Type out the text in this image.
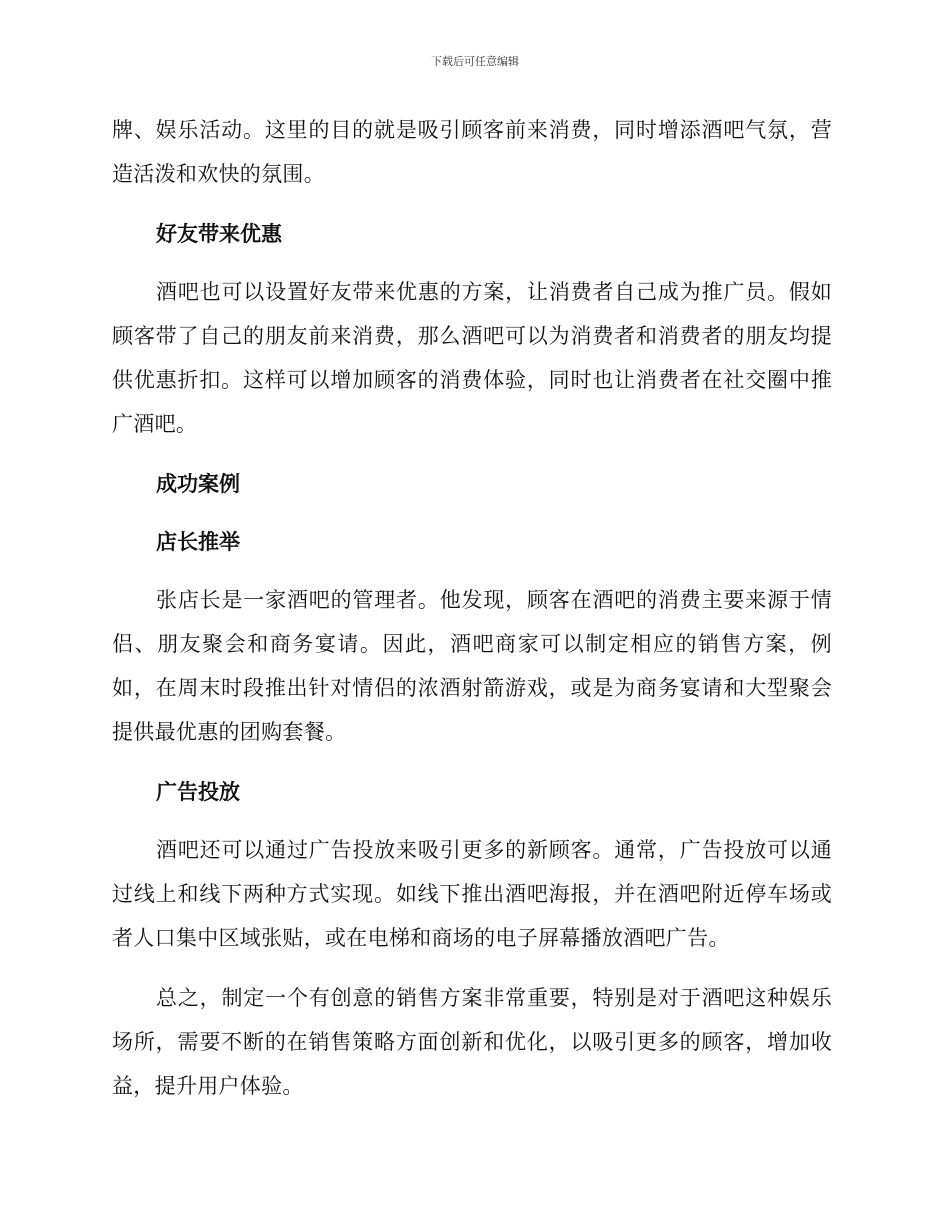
下载后可任意编辑

牌、娱乐活动。这里的目的就是吸引顾客前来消费，同时增添酒吧气氛，营造活泼和欢快的氛围。

好友带来优惠

酒吧也可以设置好友带来优惠的方案，让消费者自己成为推广员。假如顾客带了自己的朋友前来消费，那么酒吧可以为消费者和消费者的朋友均提供优惠折扣。这样可以增加顾客的消费体验，同时也让消费者在社交圈中推广酒吧。

成功案例
店长推举

张店长是一家酒吧的管理者。他发现，顾客在酒吧的消费主要来源于情侣、朋友聚会和商务宴请。因此，酒吧商家可以制定相应的销售方案，例如，在周末时段推出针对情侣的浓酒射箭游戏，或是为商务宴请和大型聚会提供最优惠的团购套餐。

广告投放

酒吧还可以通过广告投放来吸引更多的新顾客。通常，广告投放可以通过线上和线下两种方式实现。如线下推出酒吧海报，并在酒吧附近停车场或者人口集中区域张贴，或在电梯和商场的电子屏幕播放酒吧广告。

总之，制定一个有创意的销售方案非常重要，特别是对于酒吧这种娱乐场所，需要不断的在销售策略方面创新和优化，以吸引更多的顾客，增加收益，提升用户体验。
